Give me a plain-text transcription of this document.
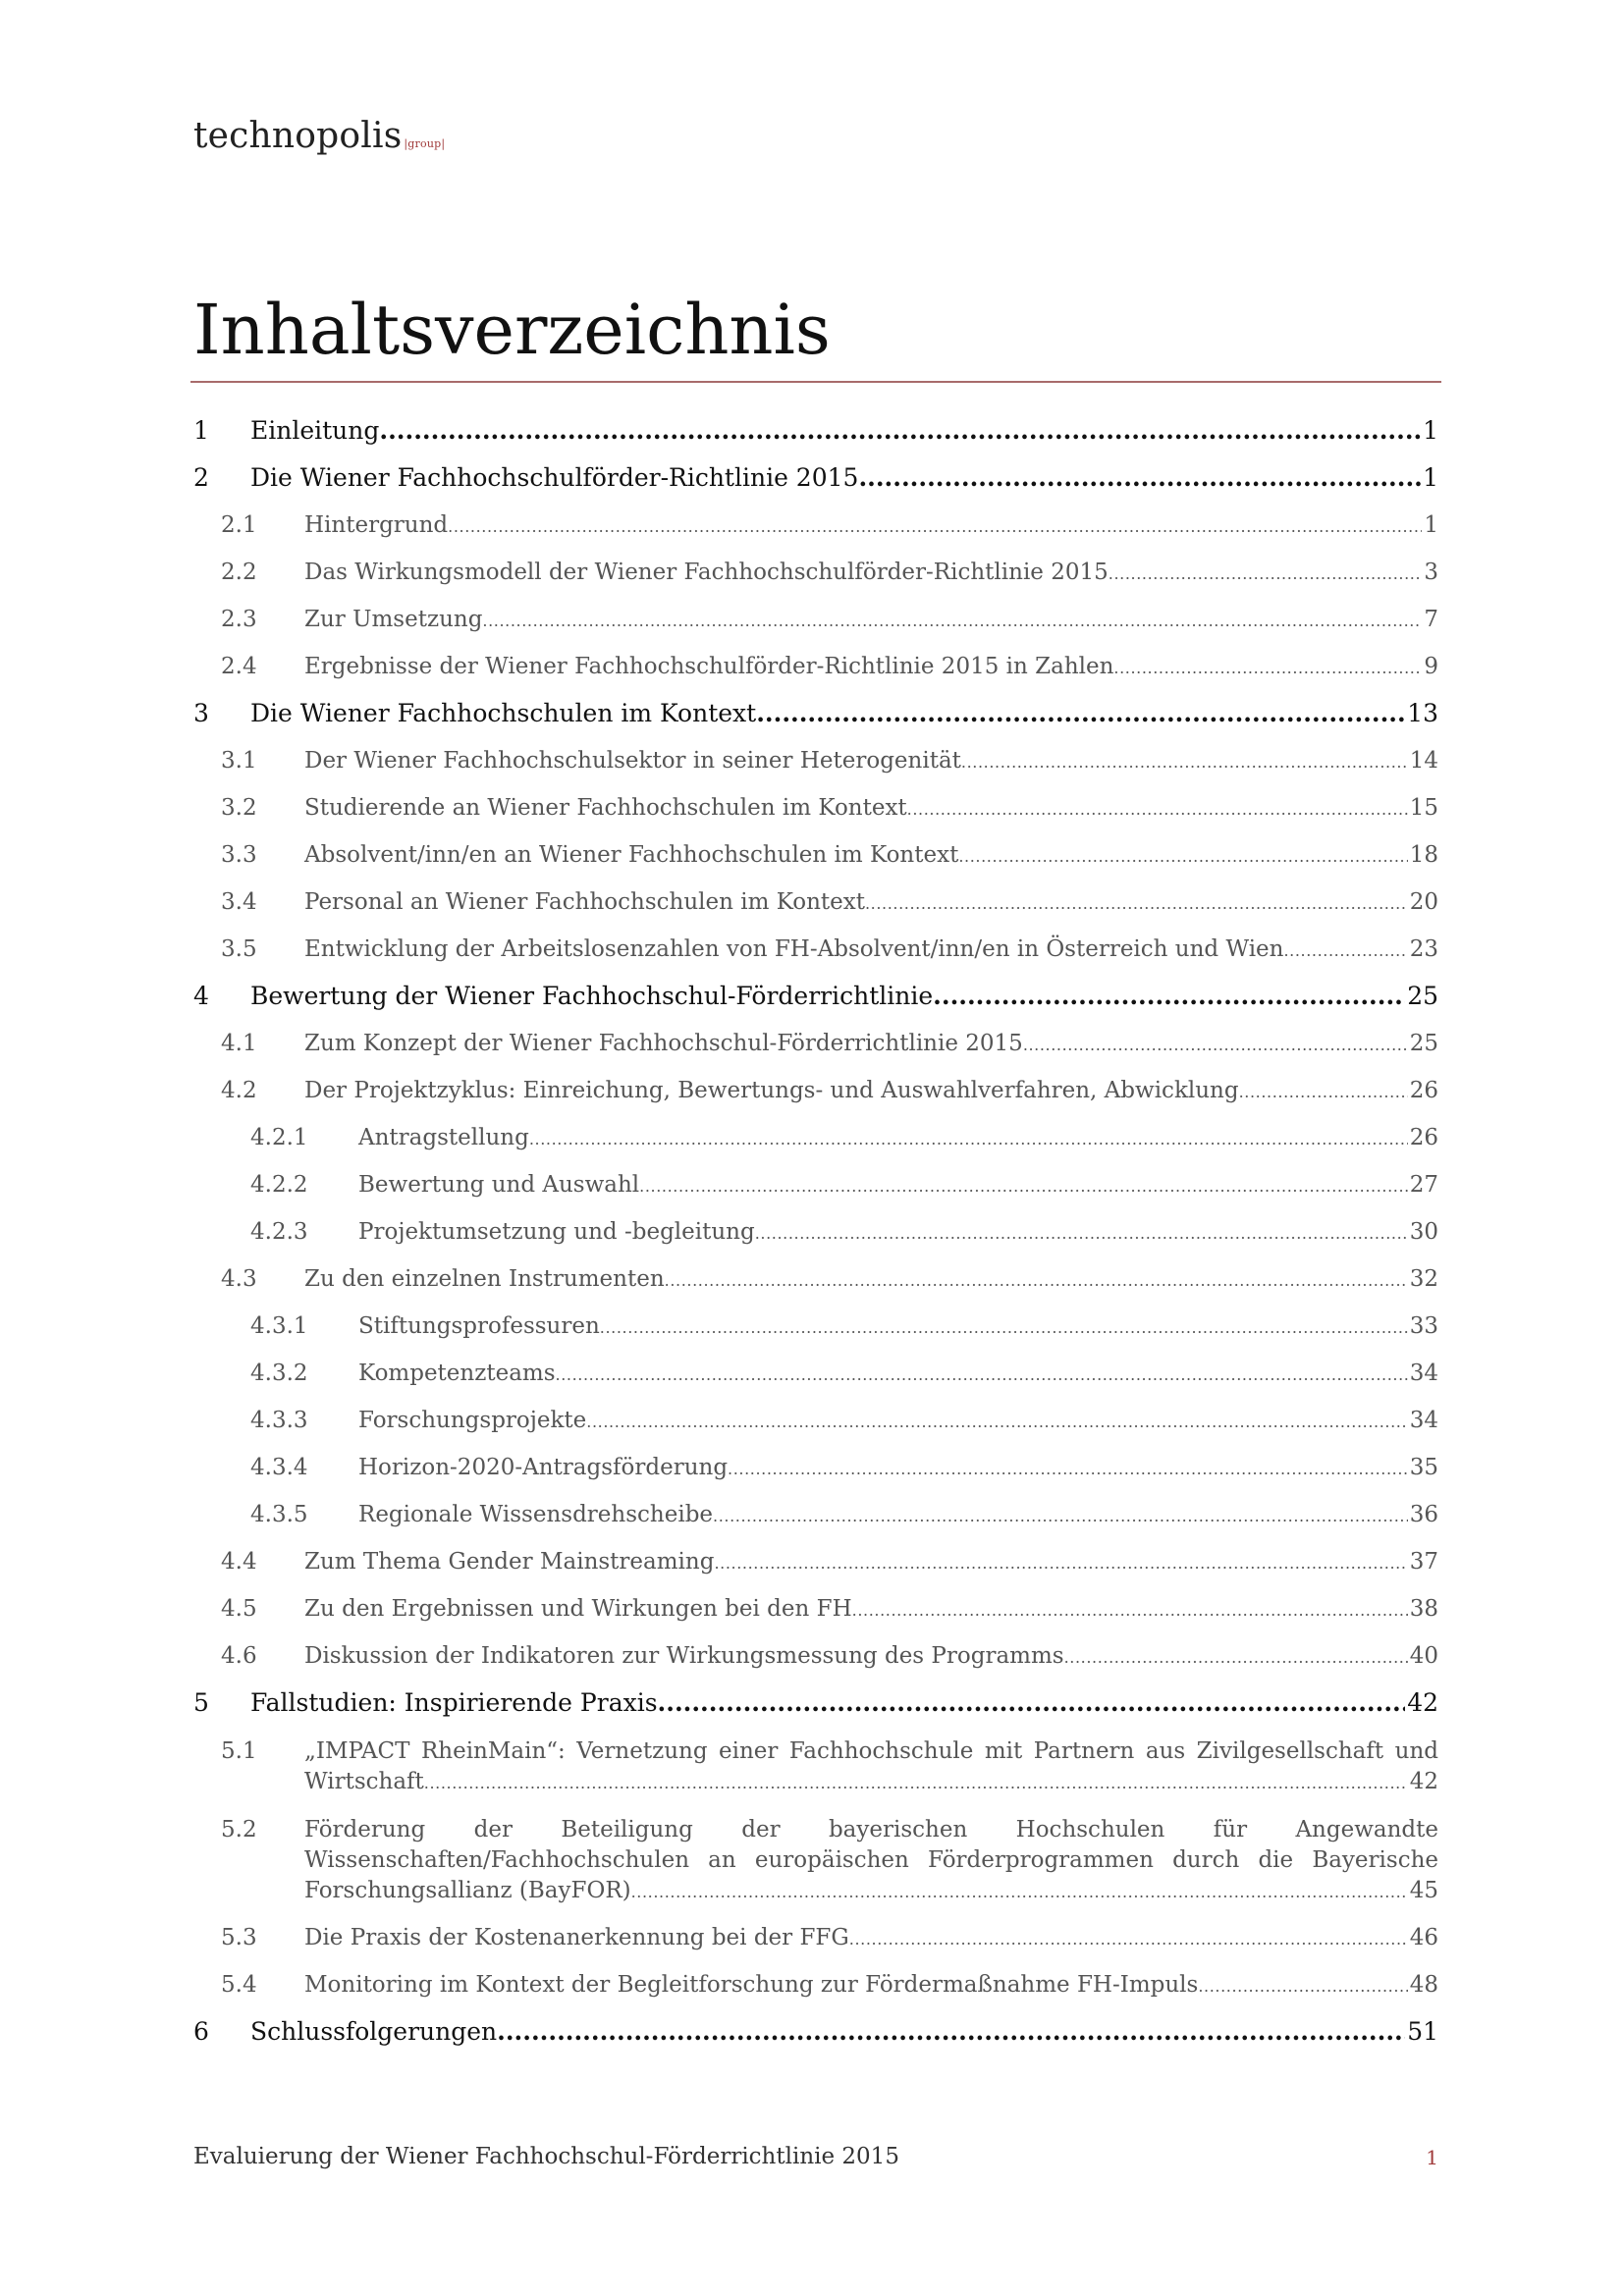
technopolis |group|
Inhaltsverzeichnis
1	Einleitung .....	1
2	Die Wiener Fachhochschulförder-Richtlinie 2015 .....	1
2.1	Hintergrund .....	1
2.2	Das Wirkungsmodell der Wiener Fachhochschulförder-Richtlinie 2015 .....	3
2.3	Zur Umsetzung .....	7
2.4	Ergebnisse der Wiener Fachhochschulförder-Richtlinie 2015 in Zahlen .....	9
3	Die Wiener Fachhochschulen im Kontext .....	13
3.1	Der Wiener Fachhochschulsektor in seiner Heterogenität .....	14
3.2	Studierende an Wiener Fachhochschulen im Kontext .....	15
3.3	Absolvent/inn/en an Wiener Fachhochschulen im Kontext .....	18
3.4	Personal an Wiener Fachhochschulen im Kontext .....	20
3.5	Entwicklung der Arbeitslosenzahlen von FH-Absolvent/inn/en in Österreich und Wien .....	23
4	Bewertung der Wiener Fachhochschul-Förderrichtlinie .....	25
4.1	Zum Konzept der Wiener Fachhochschul-Förderrichtlinie 2015 .....	25
4.2	Der Projektzyklus: Einreichung, Bewertungs- und Auswahlverfahren, Abwicklung .....	26
4.2.1	Antragstellung .....	26
4.2.2	Bewertung und Auswahl .....	27
4.2.3	Projektumsetzung und -begleitung .....	30
4.3	Zu den einzelnen Instrumenten .....	32
4.3.1	Stiftungsprofessuren .....	33
4.3.2	Kompetenzteams .....	34
4.3.3	Forschungsprojekte .....	34
4.3.4	Horizon-2020-Antragsförderung .....	35
4.3.5	Regionale Wissensdrehscheibe .....	36
4.4	Zum Thema Gender Mainstreaming .....	37
4.5	Zu den Ergebnissen und Wirkungen bei den FH .....	38
4.6	Diskussion der Indikatoren zur Wirkungsmessung des Programms .....	40
5	Fallstudien: Inspirierende Praxis .....	42
5.1	„IMPACT RheinMain“: Vernetzung einer Fachhochschule mit Partnern aus Zivilgesellschaft und
Wirtschaft .....	42
5.2	Förderung der Beteiligung der bayerischen Hochschulen für Angewandte
Wissenschaften/Fachhochschulen an europäischen Förderprogrammen durch die Bayerische
Forschungsallianz (BayFOR) .....	45
5.3	Die Praxis der Kostenanerkennung bei der FFG .....	46
5.4	Monitoring im Kontext der Begleitforschung zur Fördermaßnahme FH-Impuls .....	48
6	Schlussfolgerungen .....	51
Evaluierung der Wiener Fachhochschul-Förderrichtlinie 2015	1
